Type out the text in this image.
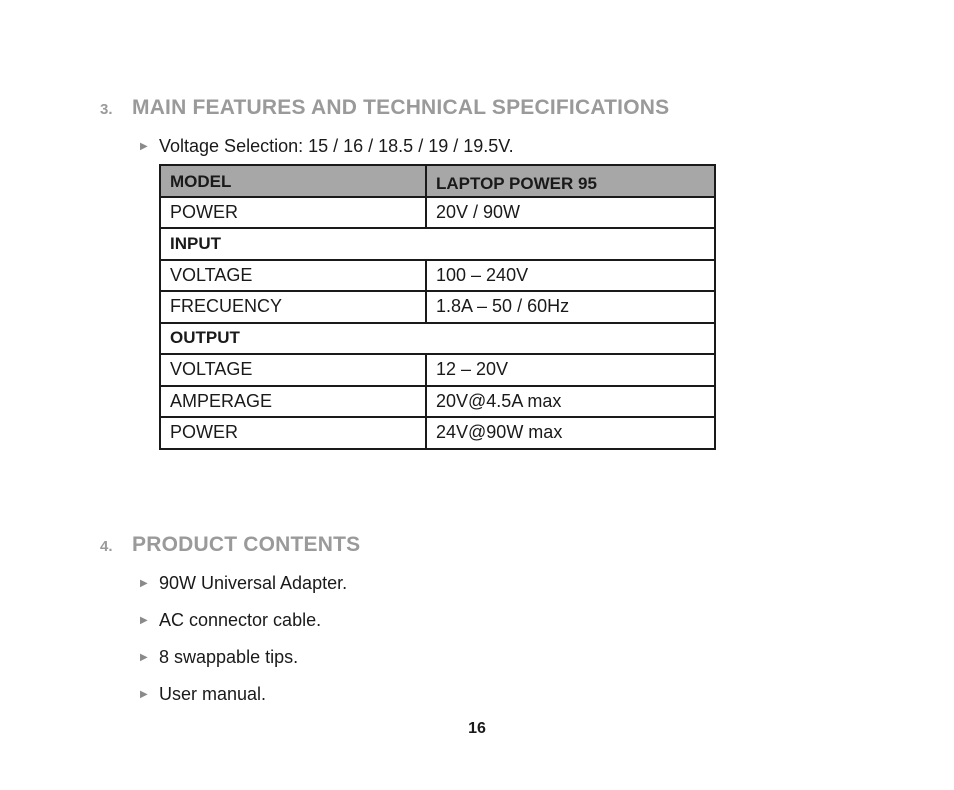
3. MAIN FEATURES AND TECHNICAL SPECIFICATIONS
▶ Voltage Selection: 15 / 16 / 18.5 / 19 / 19.5V.
MODEL	LAPTOP POWER 95
POWER	20V / 90W
INPUT	
VOLTAGE	100 – 240V
FRECUENCY	1.8A – 50 / 60Hz
OUTPUT	
VOLTAGE	12 – 20V
AMPERAGE	20V@4.5A max
POWER	24V@90W max
4. PRODUCT CONTENTS
▶ 90W Universal Adapter.
▶ AC connector cable.
▶ 8 swappable tips.
▶ User manual.
16
